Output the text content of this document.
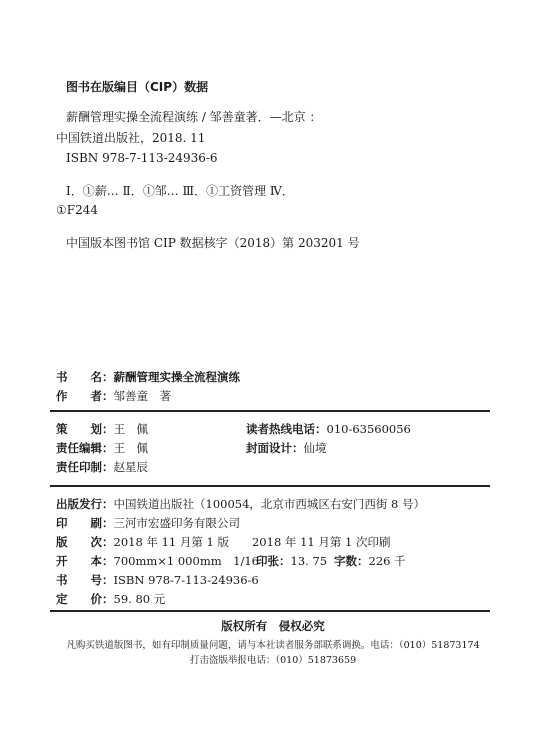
图书在版编目（CIP）数据
薪酬管理实操全流程演练 / 邹善童著．—北京 ：
中国铁道出版社，2018. 11
ISBN 978-7-113-24936-6
Ⅰ．①薪… Ⅱ．①邹… Ⅲ．①工资管理 Ⅳ．
①F244
中国版本图书馆 CIP 数据核字（2018）第 203201 号
书　　名：薪酬管理实操全流程演练
作　　者：邹善童　著
策　　划：王　佩	读者热线电话：010-63560056
责任编辑：王　佩	封面设计：仙境
责任印制：赵星辰
出版发行：中国铁道出版社（100054，北京市西城区右安门西街 8 号）
印　　刷：三河市宏盛印务有限公司
版　　次：2018 年 11 月第 1 版　　2018 年 11 月第 1 次印刷
开　　本：700mm×1 000mm　1/16
印张：13. 75 字数：226 千
书　　号：ISBN 978-7-113-24936-6
定　　价：59. 80 元
版权所有　侵权必究
凡购买铁道版图书，如有印制质量问题，请与本社读者服务部联系调换。电话：（010）51873174
打击盗版举报电话：（010）51873659
